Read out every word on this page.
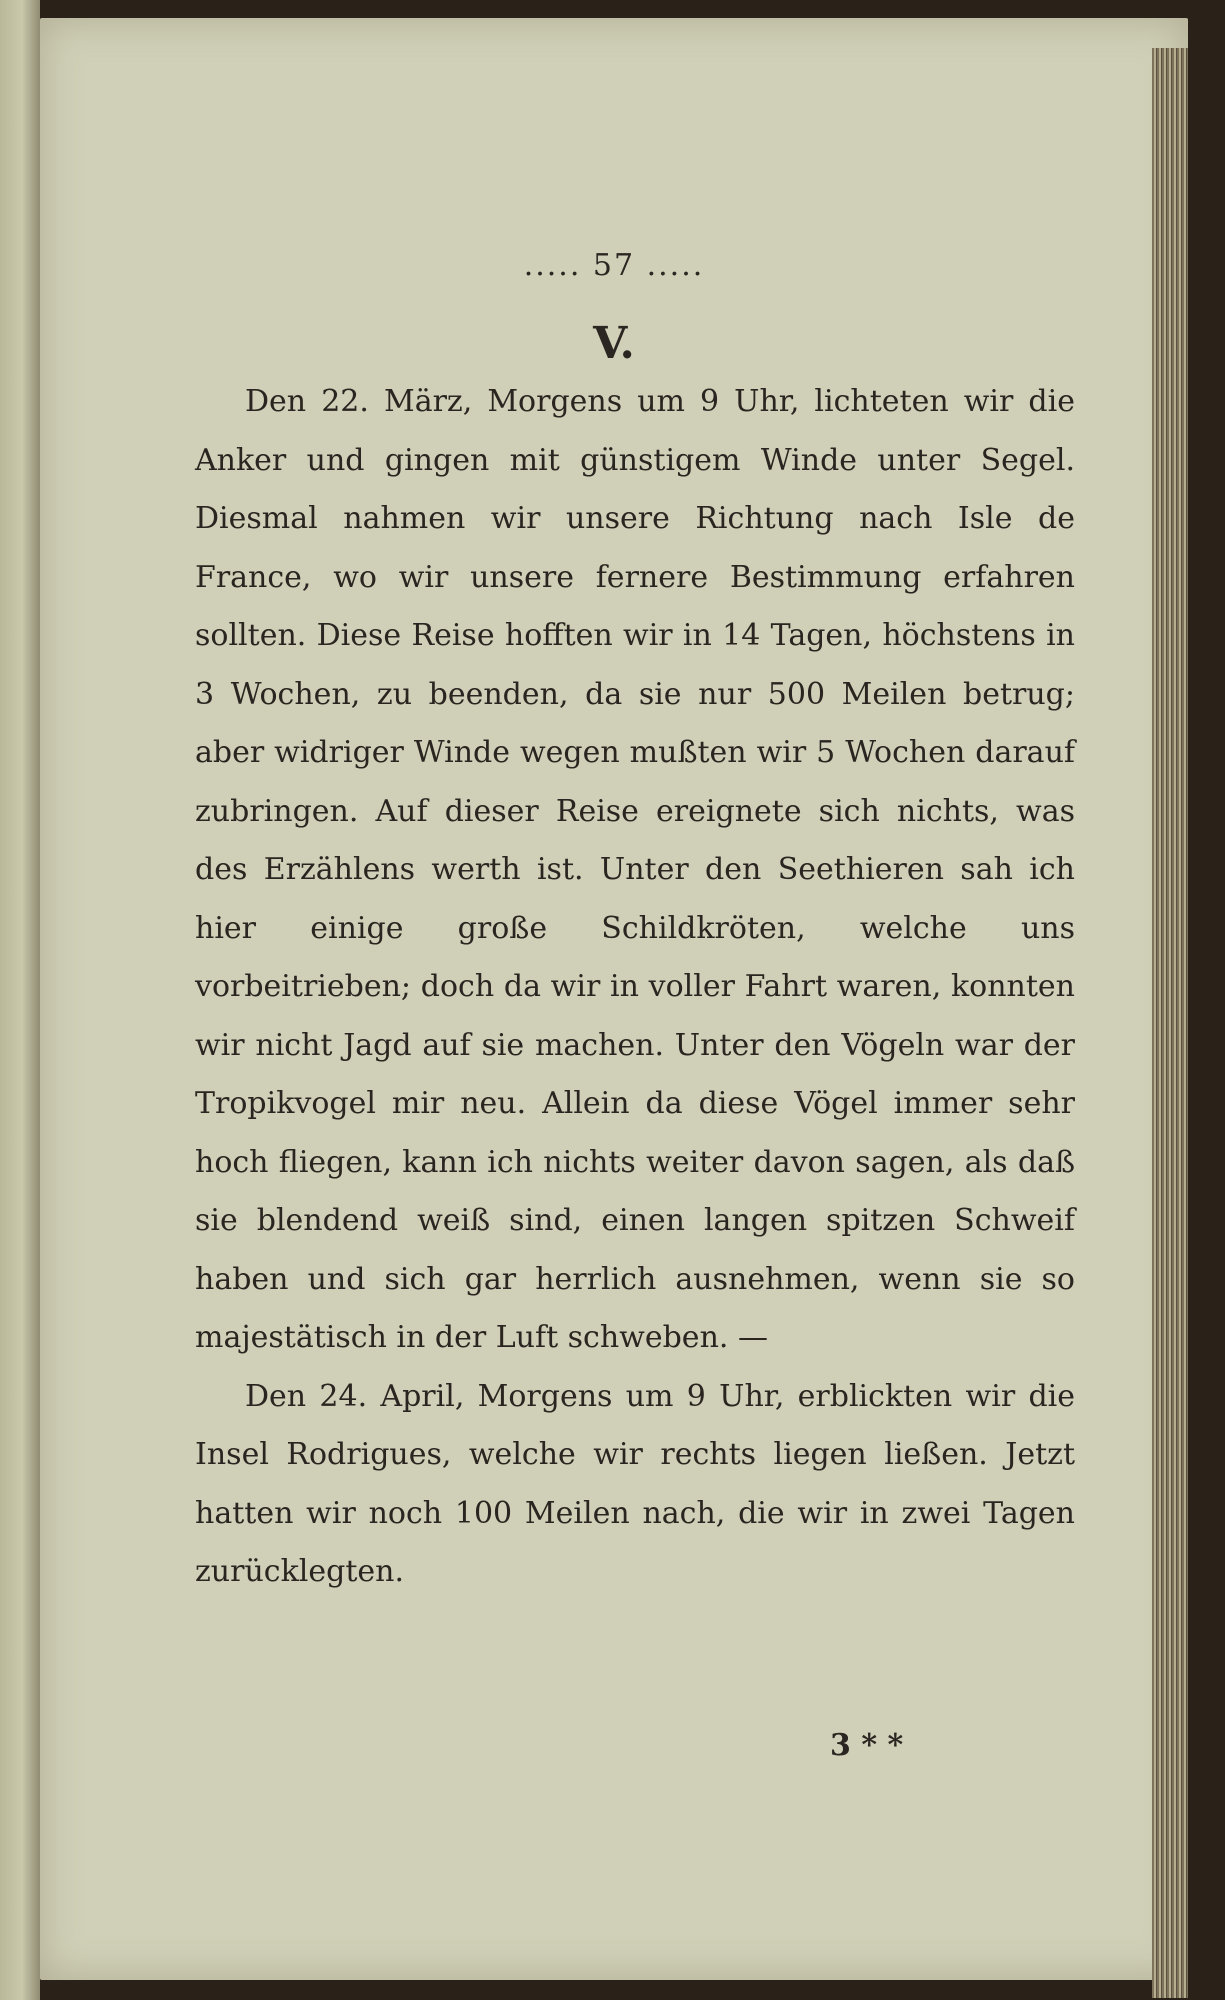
..... 57 .....
V.

Den 22. März, Morgens um 9 Uhr, lichteten wir die Anker und gingen mit günstigem Winde unter Segel. Diesmal nahmen wir unsere Richtung nach Isle de France, wo wir unsere fernere Bestimmung erfahren sollten. Diese Reise hofften wir in 14 Tagen, höchstens in 3 Wochen, zu beenden, da sie nur 500 Meilen betrug; aber widriger Winde wegen mußten wir 5 Wochen darauf zubringen. Auf dieser Reise ereignete sich nichts, was des Erzählens werth ist. Unter den Seethieren sah ich hier einige große Schildkröten, welche uns vorbeitrieben; doch da wir in voller Fahrt waren, konnten wir nicht Jagd auf sie machen. Unter den Vögeln war der Tropikvogel mir neu. Allein da diese Vögel immer sehr hoch fliegen, kann ich nichts weiter davon sagen, als daß sie blendend weiß sind, einen langen spitzen Schweif haben und sich gar herrlich ausnehmen, wenn sie so majestätisch in der Luft schweben. —

Den 24. April, Morgens um 9 Uhr, erblickten wir die Insel Rodrigues, welche wir rechts liegen ließen. Jetzt hatten wir noch 100 Meilen nach, die wir in zwei Tagen zurücklegten.

3 * *
